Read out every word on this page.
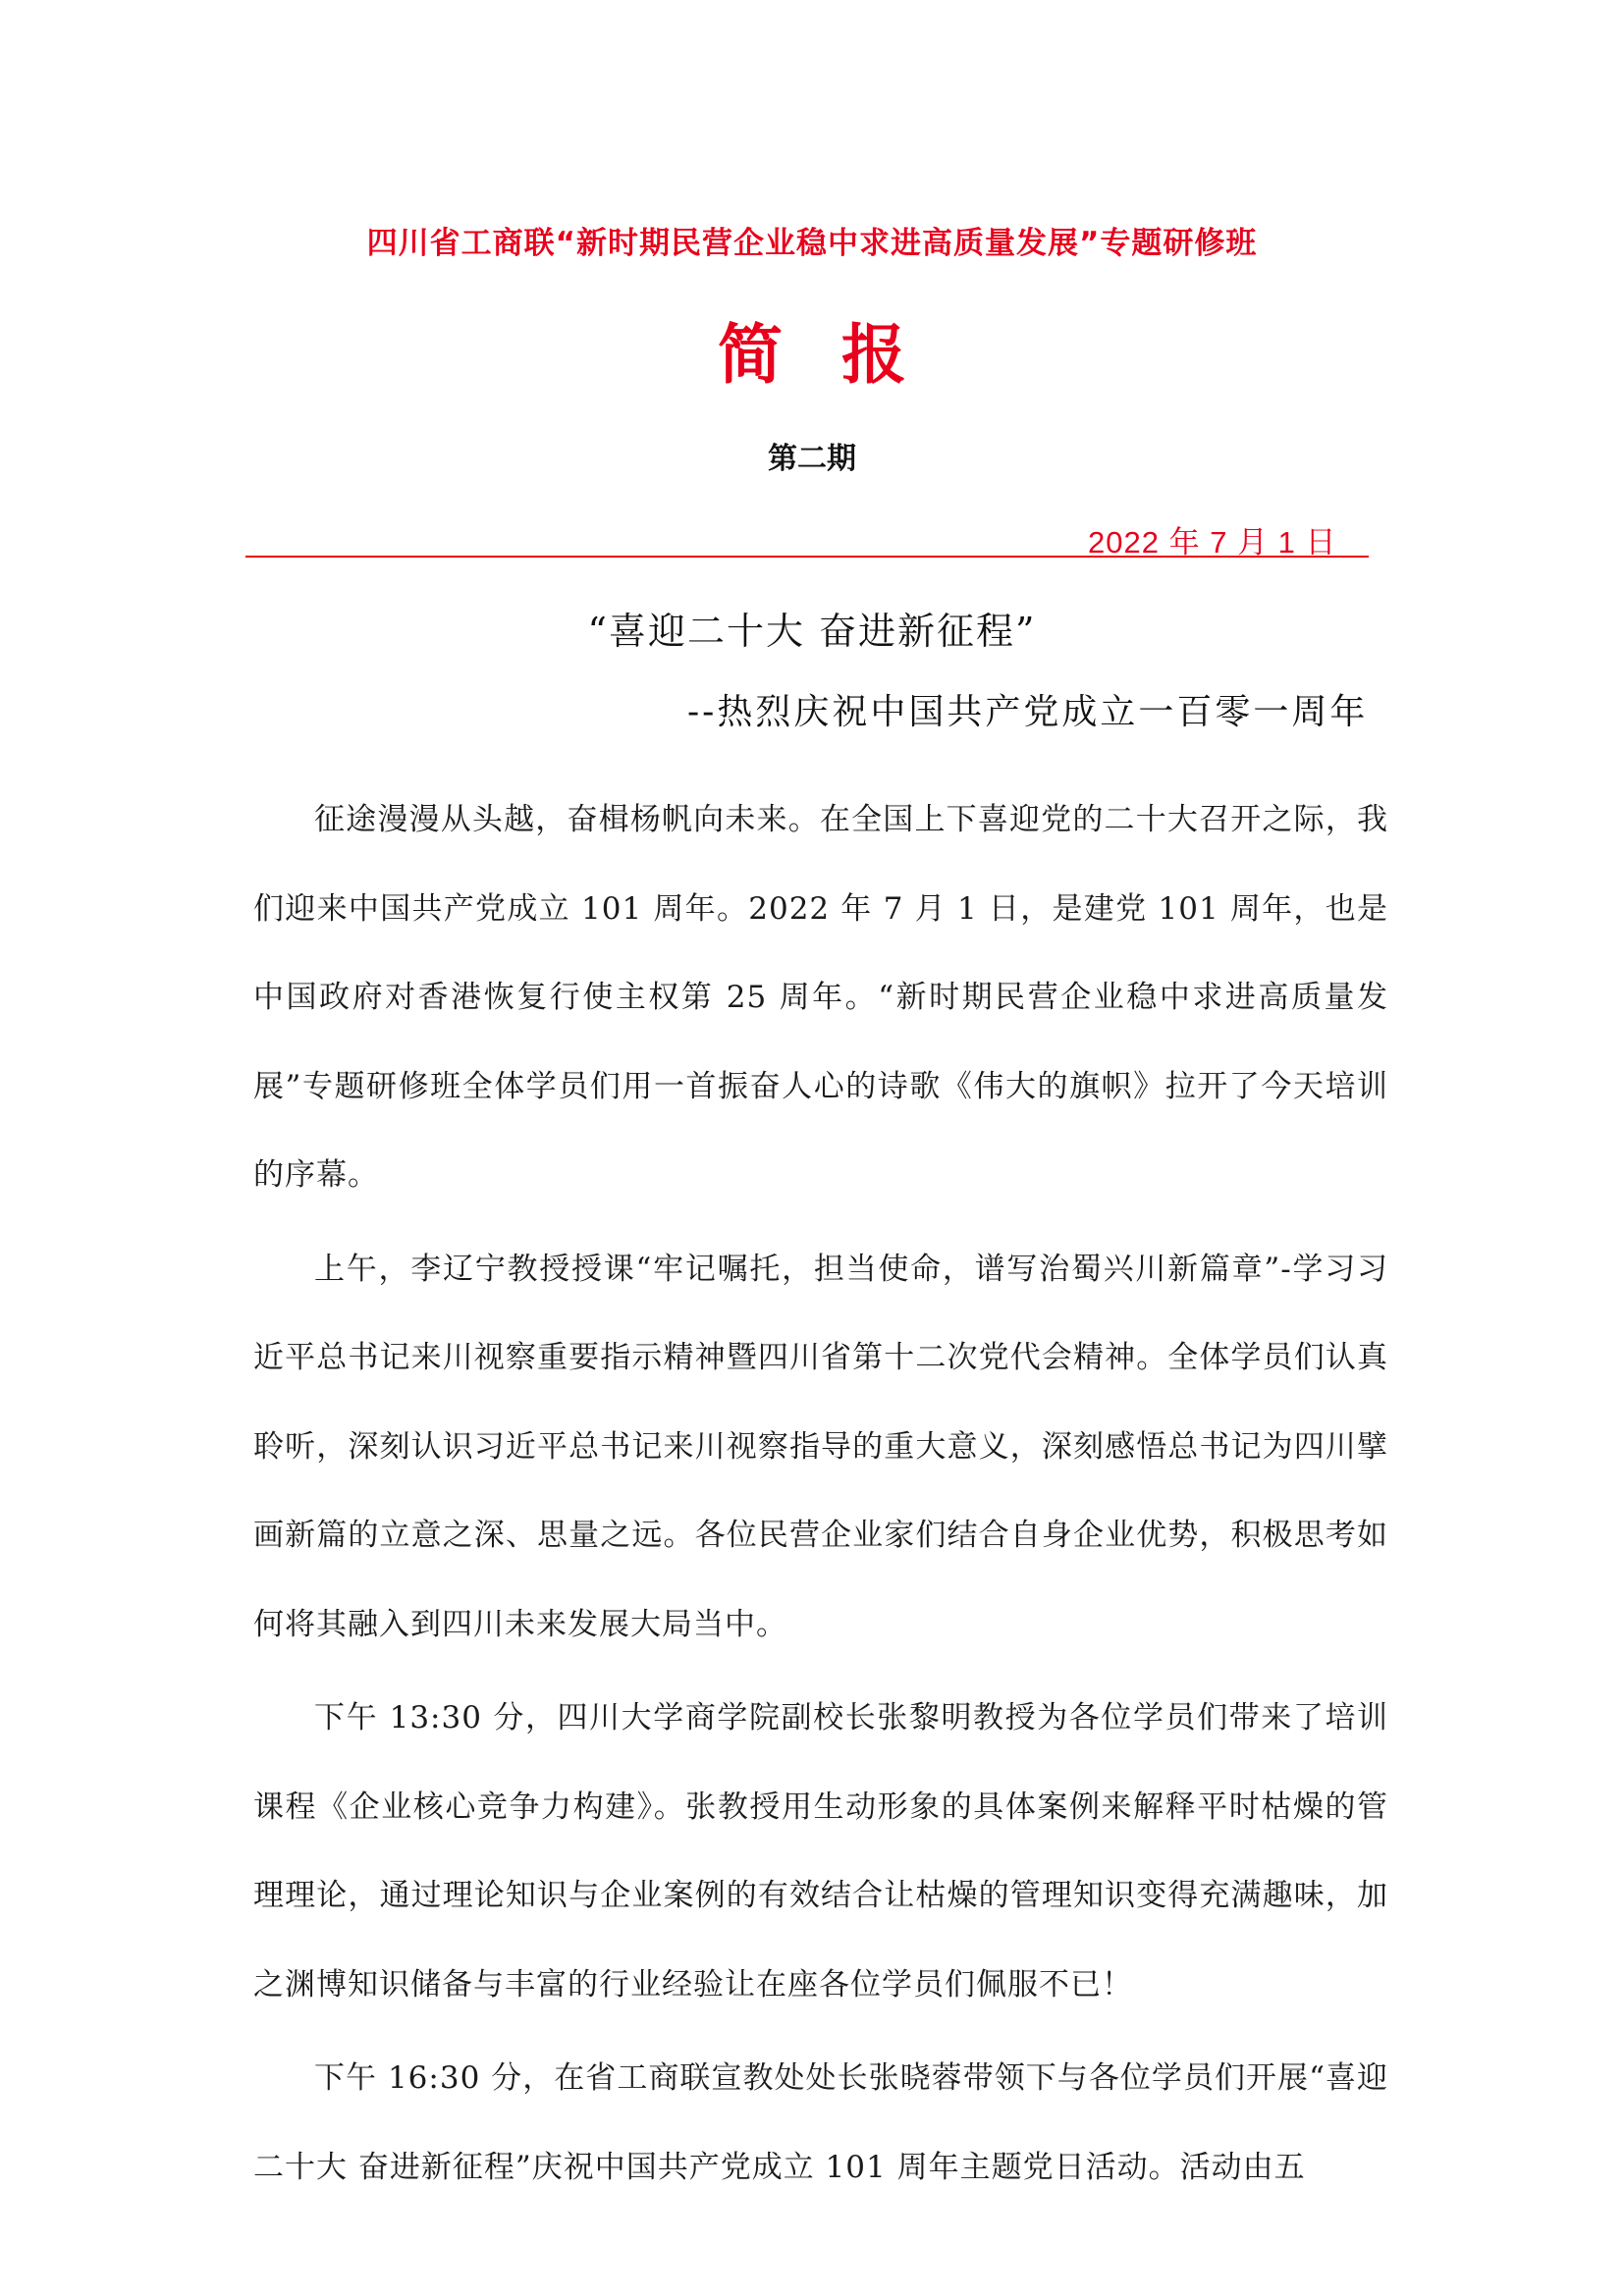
四川省工商联“新时期民营企业稳中求进高质量发展”专题研修班
简报
第二期
2022 年 7 月 1 日
“喜迎二十大 奋进新征程”
--热烈庆祝中国共产党成立一百零一周年

征途漫漫从头越，奋楫杨帆向未来。在全国上下喜迎党的二十大召开之际，我们迎来中国共产党成立 101 周年。2022 年 7 月 1 日，是建党 101 周年，也是中国政府对香港恢复行使主权第 25 周年。“新时期民营企业稳中求进高质量发展”专题研修班全体学员们用一首振奋人心的诗歌《伟大的旗帜》拉开了今天培训的序幕。

上午，李辽宁教授授课“牢记嘱托，担当使命，谱写治蜀兴川新篇章”-学习习近平总书记来川视察重要指示精神暨四川省第十二次党代会精神。全体学员们认真聆听，深刻认识习近平总书记来川视察指导的重大意义，深刻感悟总书记为四川擘画新篇的立意之深、思量之远。各位民营企业家们结合自身企业优势，积极思考如何将其融入到四川未来发展大局当中。

下午 13:30 分，四川大学商学院副校长张黎明教授为各位学员们带来了培训课程《企业核心竞争力构建》。张教授用生动形象的具体案例来解释平时枯燥的管理理论，通过理论知识与企业案例的有效结合让枯燥的管理知识变得充满趣味，加之渊博知识储备与丰富的行业经验让在座各位学员们佩服不已！

下午 16:30 分，在省工商联宣教处处长张晓蓉带领下与各位学员们开展“喜迎二十大 奋进新征程”庆祝中国共产党成立 101 周年主题党日活动。活动由五
